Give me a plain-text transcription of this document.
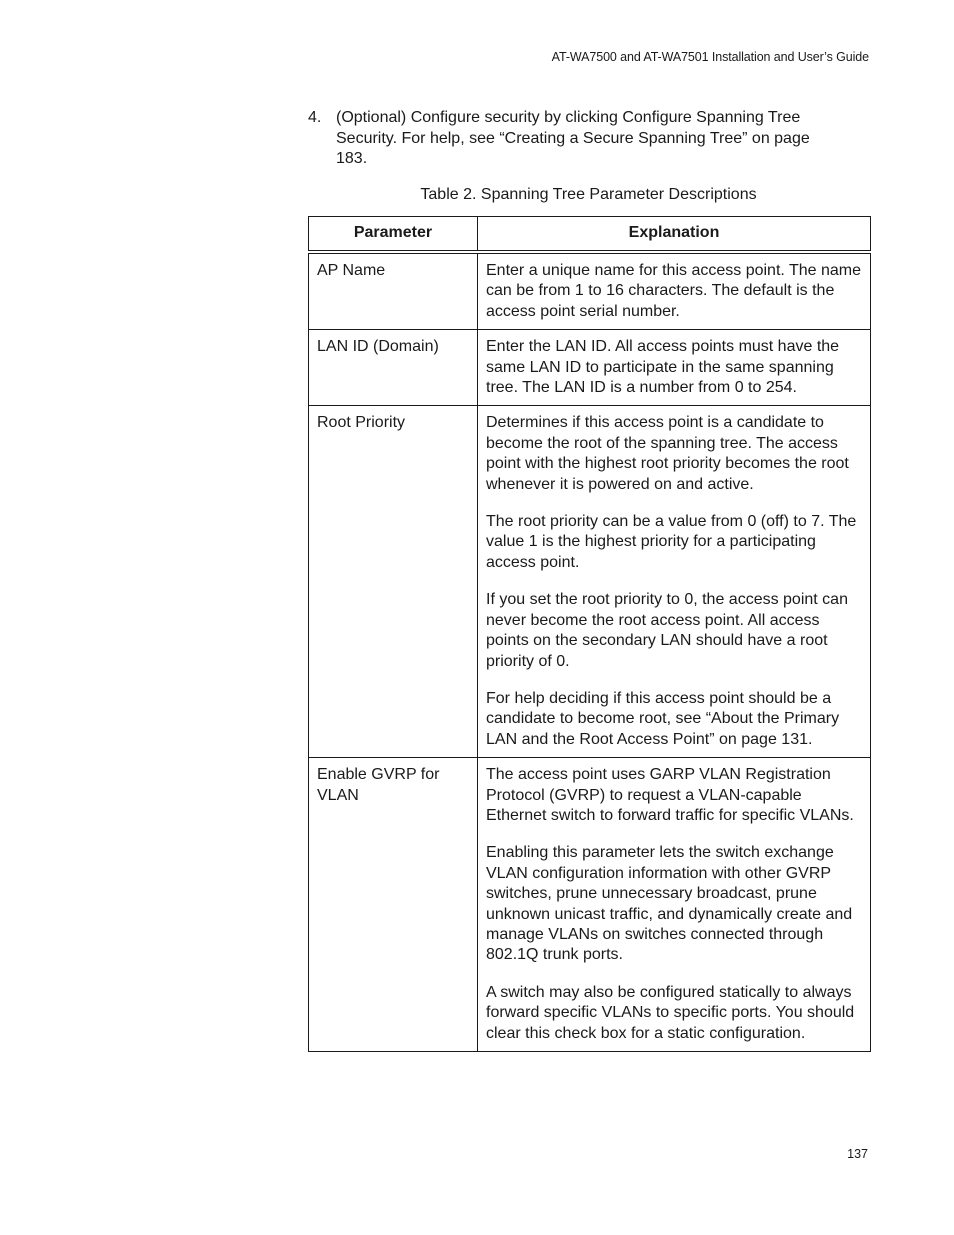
AT-WA7500 and AT-WA7501 Installation and User’s Guide
4. (Optional) Configure security by clicking Configure Spanning Tree Security. For help, see “Creating a Secure Spanning Tree” on page 183.
Table 2. Spanning Tree Parameter Descriptions
Parameter	Explanation
AP Name	Enter a unique name for this access point. The name can be from 1 to 16 characters. The default is the access point serial number.

LAN ID (Domain)	Enter the LAN ID. All access points must have the same LAN ID to participate in the same spanning tree. The LAN ID is a number from 0 to 254.

Root Priority	Determines if this access point is a candidate to become the root of the spanning tree. The access point with the highest root priority becomes the root whenever it is powered on and active.

The root priority can be a value from 0 (off) to 7. The value 1 is the highest priority for a participating access point.

If you set the root priority to 0, the access point can never become the root access point. All access points on the secondary LAN should have a root priority of 0.

For help deciding if this access point should be a candidate to become root, see “About the Primary LAN and the Root Access Point” on page 131.

Enable GVRP for VLAN	The access point uses GARP VLAN Registration Protocol (GVRP) to request a VLAN-capable Ethernet switch to forward traffic for specific VLANs.

Enabling this parameter lets the switch exchange VLAN configuration information with other GVRP switches, prune unnecessary broadcast, prune unknown unicast traffic, and dynamically create and manage VLANs on switches connected through 802.1Q trunk ports.

A switch may also be configured statically to always forward specific VLANs to specific ports. You should clear this check box for a static configuration.

137
